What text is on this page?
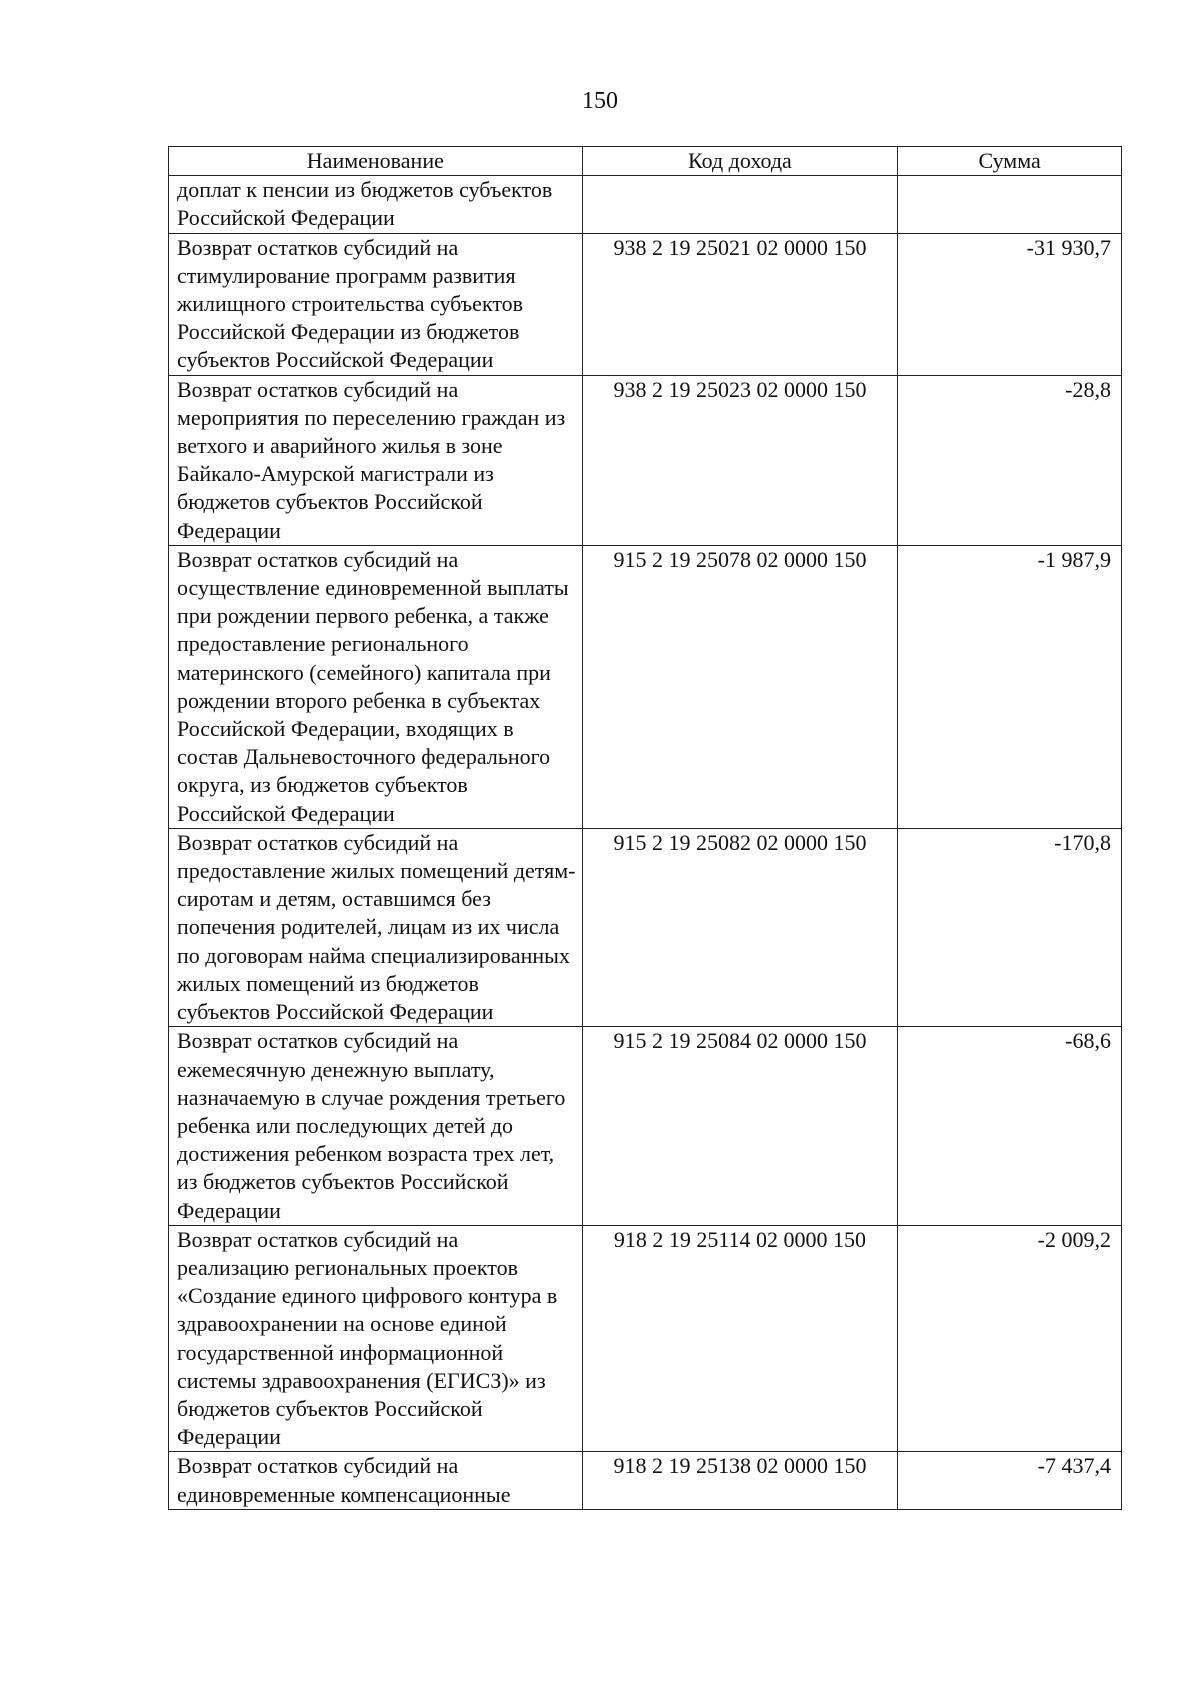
150
Наименование	Код дохода	Сумма
доплат к пенсии из бюджетов субъектов Российской Федерации		
Возврат остатков субсидий на стимулирование программ развития жилищного строительства субъектов Российской Федерации из бюджетов субъектов Российской Федерации	938 2 19 25021 02 0000 150	-31 930,7
Возврат остатков субсидий на мероприятия по переселению граждан из ветхого и аварийного жилья в зоне Байкало-Амурской магистрали из бюджетов субъектов Российской Федерации	938 2 19 25023 02 0000 150	-28,8
Возврат остатков субсидий на осуществление единовременной выплаты при рождении первого ребенка, а также предоставление регионального материнского (семейного) капитала при рождении второго ребенка в субъектах Российской Федерации, входящих в состав Дальневосточного федерального округа, из бюджетов субъектов Российской Федерации	915 2 19 25078 02 0000 150	-1 987,9
Возврат остатков субсидий на предоставление жилых помещений детям-сиротам и детям, оставшимся без попечения родителей, лицам из их числа по договорам найма специализированных жилых помещений из бюджетов субъектов Российской Федерации	915 2 19 25082 02 0000 150	-170,8
Возврат остатков субсидий на ежемесячную денежную выплату, назначаемую в случае рождения третьего ребенка или последующих детей до достижения ребенком возраста трех лет, из бюджетов субъектов Российской Федерации	915 2 19 25084 02 0000 150	-68,6
Возврат остатков субсидий на реализацию региональных проектов «Создание единого цифрового контура в здравоохранении на основе единой государственной информационной системы здравоохранения (ЕГИСЗ)» из бюджетов субъектов Российской Федерации	918 2 19 25114 02 0000 150	-2 009,2
Возврат остатков субсидий на единовременные компенсационные	918 2 19 25138 02 0000 150	-7 437,4
